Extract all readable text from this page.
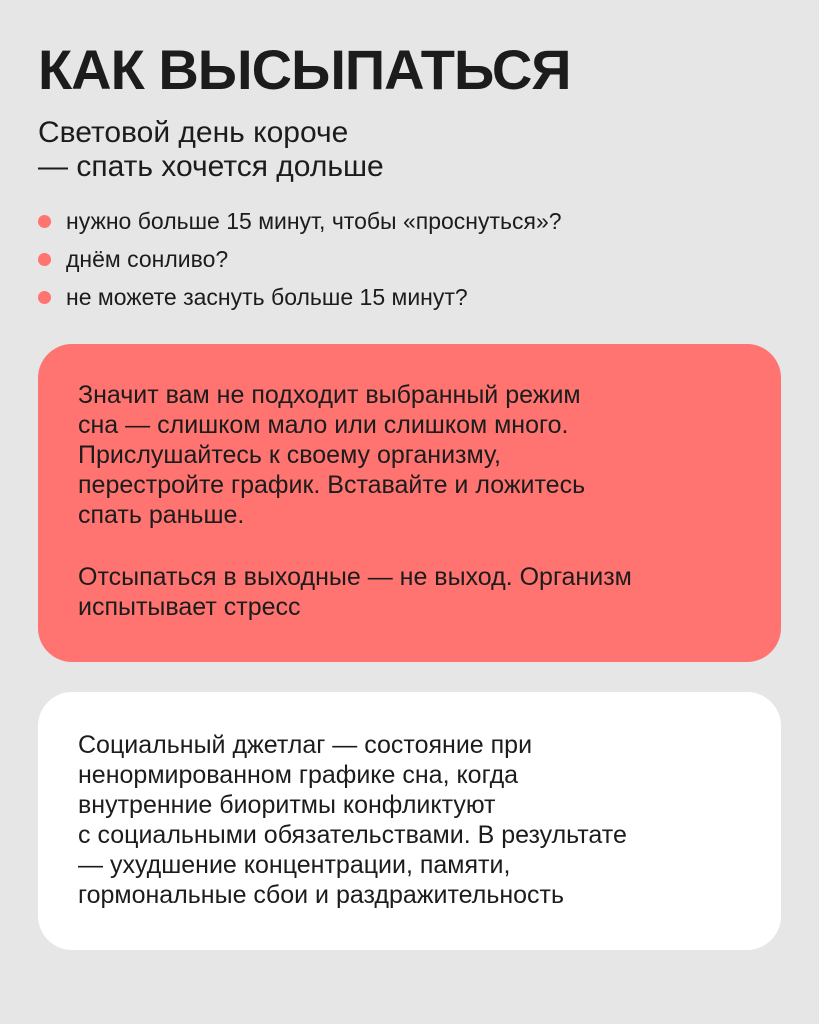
КАК ВЫСЫПАТЬСЯ
Световой день короче
— спать хочется дольше
нужно больше 15 минут, чтобы «проснуться»?
днём сонливо?
не можете заснуть больше 15 минут?

Значит вам не подходит выбранный режим
сна — слишком мало или слишком много.
Прислушайтесь к своему организму,
перестройте график. Вставайте и ложитесь
спать раньше.

Отсыпаться в выходные — не выход. Организм
испытывает стресс

Социальный джетлаг — состояние при
ненормированном графике сна, когда
внутренние биоритмы конфликтуют
с социальными обязательствами. В результате
— ухудшение концентрации, памяти,
гормональные сбои и раздражительность
